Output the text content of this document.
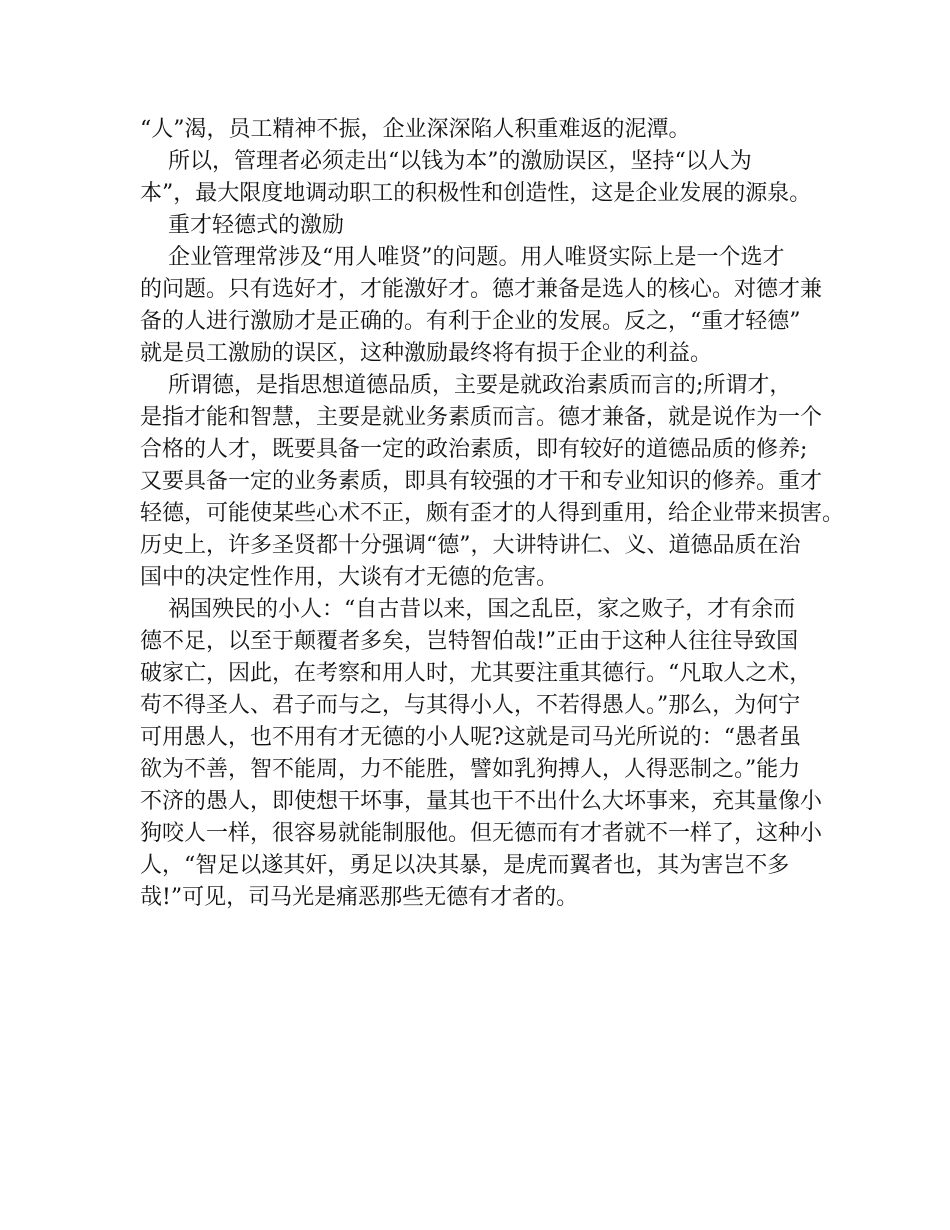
“人”渴，员工精神不振，企业深深陷人积重难返的泥潭。
所以，管理者必须走出“以钱为本”的激励误区，坚持“以人为
本”，最大限度地调动职工的积极性和创造性，这是企业发展的源泉。
重才轻德式的激励
企业管理常涉及“用人唯贤”的问题。用人唯贤实际上是一个选才
的问题。只有选好才，才能激好才。德才兼备是选人的核心。对德才兼
备的人进行激励才是正确的。有利于企业的发展。反之，“重才轻德”
就是员工激励的误区，这种激励最终将有损于企业的利益。
所谓德，是指思想道德品质，主要是就政治素质而言的;所谓才，
是指才能和智慧，主要是就业务素质而言。德才兼备，就是说作为一个
合格的人才，既要具备一定的政治素质，即有较好的道德品质的修养;
又要具备一定的业务素质，即具有较强的才干和专业知识的修养。重才
轻德，可能使某些心术不正，颇有歪才的人得到重用，给企业带来损害。
历史上，许多圣贤都十分强调“德”，大讲特讲仁、义、道德品质在治
国中的决定性作用，大谈有才无德的危害。
祸国殃民的小人：“自古昔以来，国之乱臣，家之败子，才有余而
德不足，以至于颠覆者多矣，岂特智伯哉!”正由于这种人往往导致国
破家亡，因此，在考察和用人时，尤其要注重其德行。“凡取人之术，
苟不得圣人、君子而与之，与其得小人，不若得愚人。”那么，为何宁
可用愚人，也不用有才无德的小人呢?这就是司马光所说的：“愚者虽
欲为不善，智不能周，力不能胜，譬如乳狗搏人，人得恶制之。”能力
不济的愚人，即使想干坏事，量其也干不出什么大坏事来，充其量像小
狗咬人一样，很容易就能制服他。但无德而有才者就不一样了，这种小
人，“智足以遂其奸，勇足以决其暴，是虎而翼者也，其为害岂不多
哉!”可见，司马光是痛恶那些无德有才者的。
